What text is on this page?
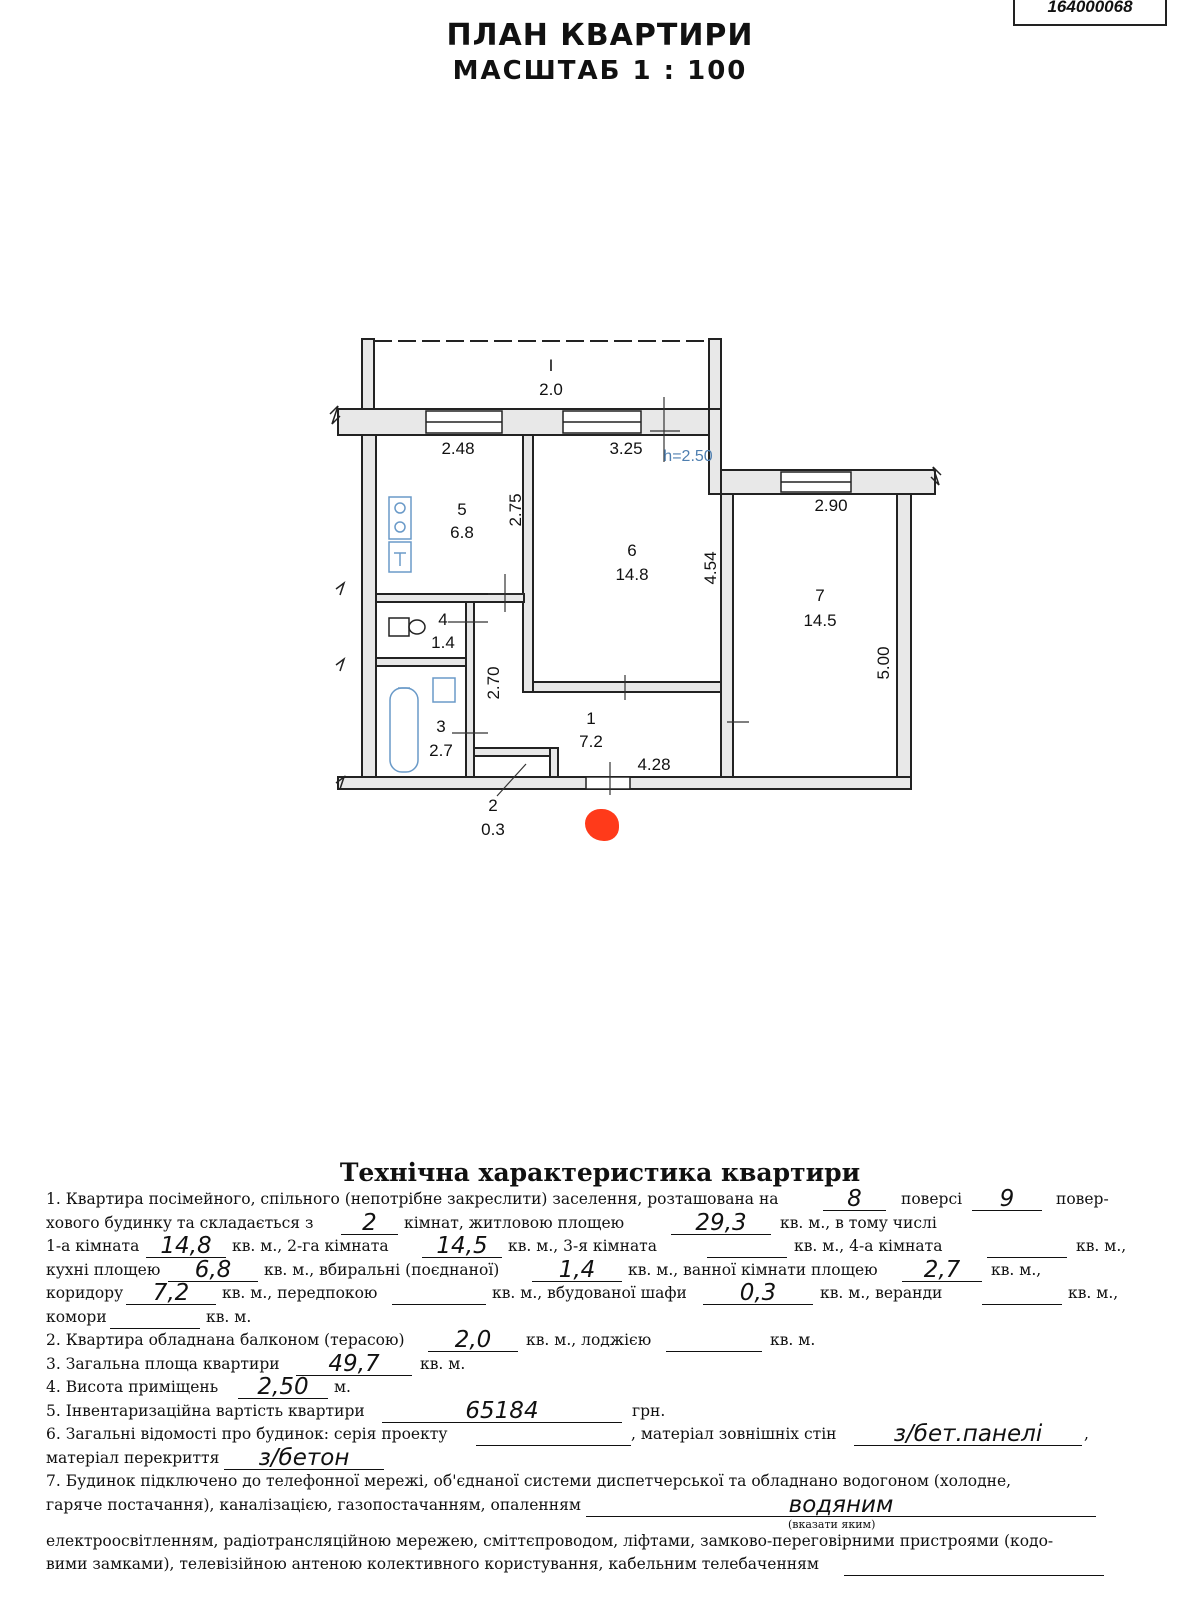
164000068
ПЛАН КВАРТИРИ
МАСШТАБ 1 : 100
I
2.0
5
6.8
6
14.8
7
14.5
4
1.4
3
2.7
1
7.2
2
0.3
2.48	3.25
2.90
2.75
4.54
5.00
2.70
4.28
h=2.50
Технічна характеристика квартири
1. Квартира посімейного, спільного (непотрібне закреслити) заселення, розташована на	8	поверсі	9	повер-
хового будинку та складається з	2	кімнат, житловою площею	29,3	кв. м., в тому числі
1-а кімната 14,8	кв. м., 2-га кімната	14,5	кв. м., 3-я кімната	кв. м., 4-а кімната	кв. м.,
кухні площею	6,8	кв. м., вбиральні (поєднаної)	1,4	кв. м., ванної кімнати площею	2,7	кв. м.,
коридору	7,2	кв. м., передпокою	кв. м., вбудованої шафи	0,3	кв. м., веранди	кв. м.,
комори	кв. м.
2. Квартира обладнана балконом (терасою)	2,0	кв. м., лоджією	кв. м.
3. Загальна площа квартири	49,7	кв. м.
4. Висота приміщень	2,50	м.
5. Інвентаризаційна вартість квартири	65184	грн.
6. Загальні відомості про будинок: серія проекту	, матеріал зовнішніх стін	з/бет.панелі	,
матеріал перекриття	з/бетон
7. Будинок підключено до телефонної мережі, об'єднаної системи диспетчерської та обладнано водогоном (холодне,
гаряче постачання), каналізацією, газопостачанням, опаленням	водяним
(вказати яким)
електроосвітленням, радіотрансляційною мережею, сміттєпроводом, ліфтами, замково-переговірними пристроями (кодо-
вими замками), телевізійною антеною колективного користування, кабельним телебаченням
